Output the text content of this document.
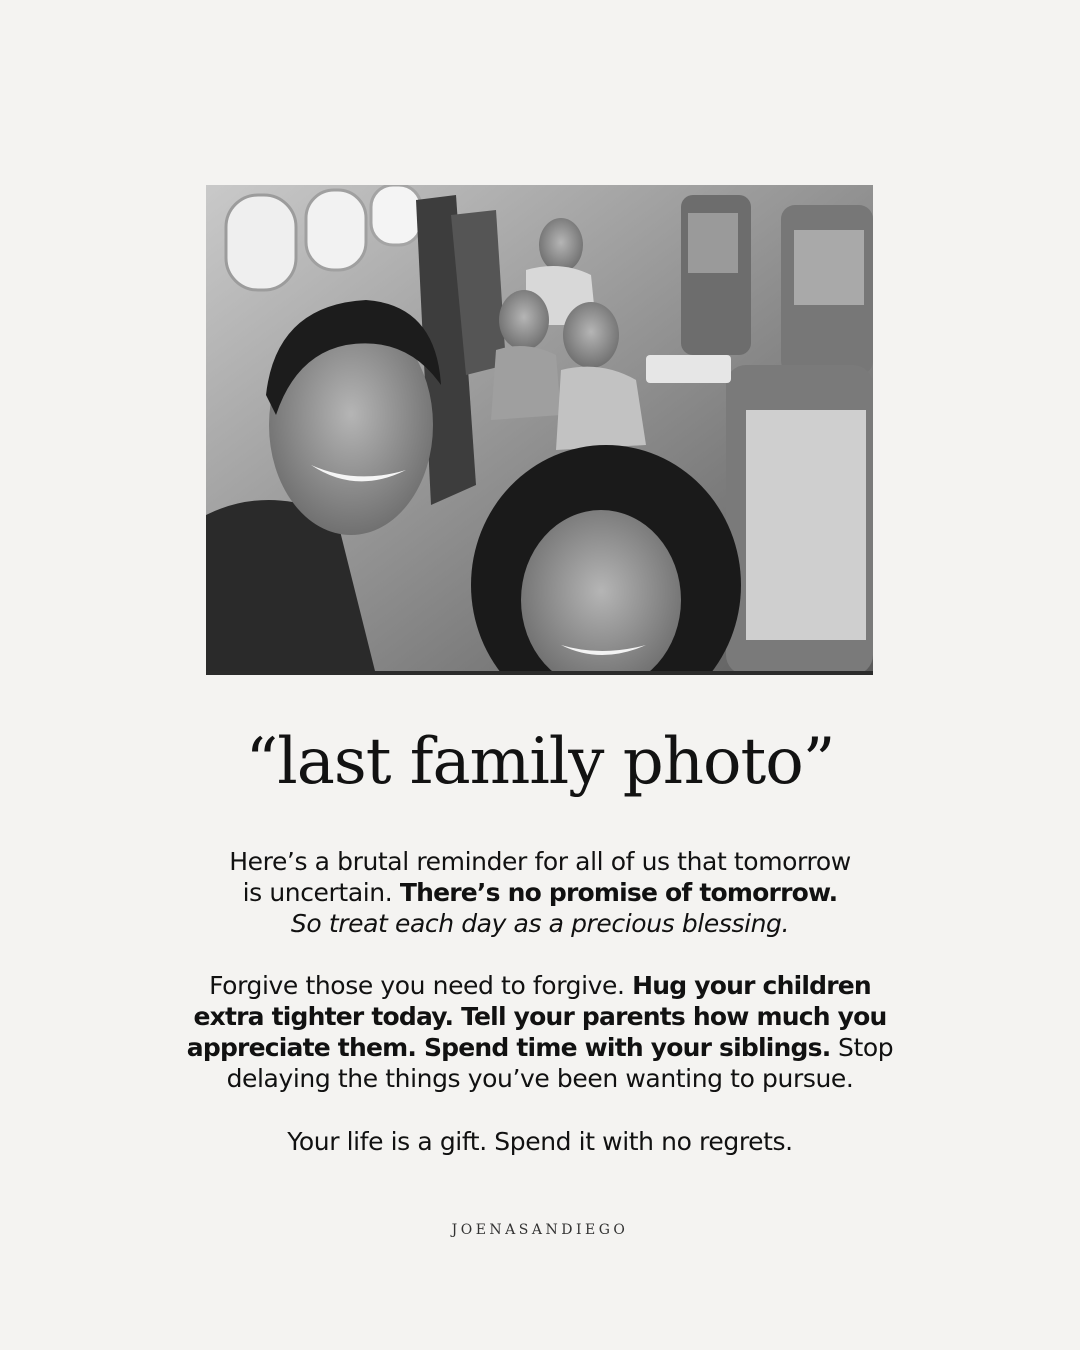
“last family photo”
Here’s a brutal reminder for all of us that tomorrow
is uncertain. There’s no promise of tomorrow.
So treat each day as a precious blessing.
Forgive those you need to forgive. Hug your children
extra tighter today. Tell your parents how much you
appreciate them. Spend time with your siblings. Stop
delaying the things you’ve been wanting to pursue.
Your life is a gift. Spend it with no regrets.
JOENASANDIEGO
